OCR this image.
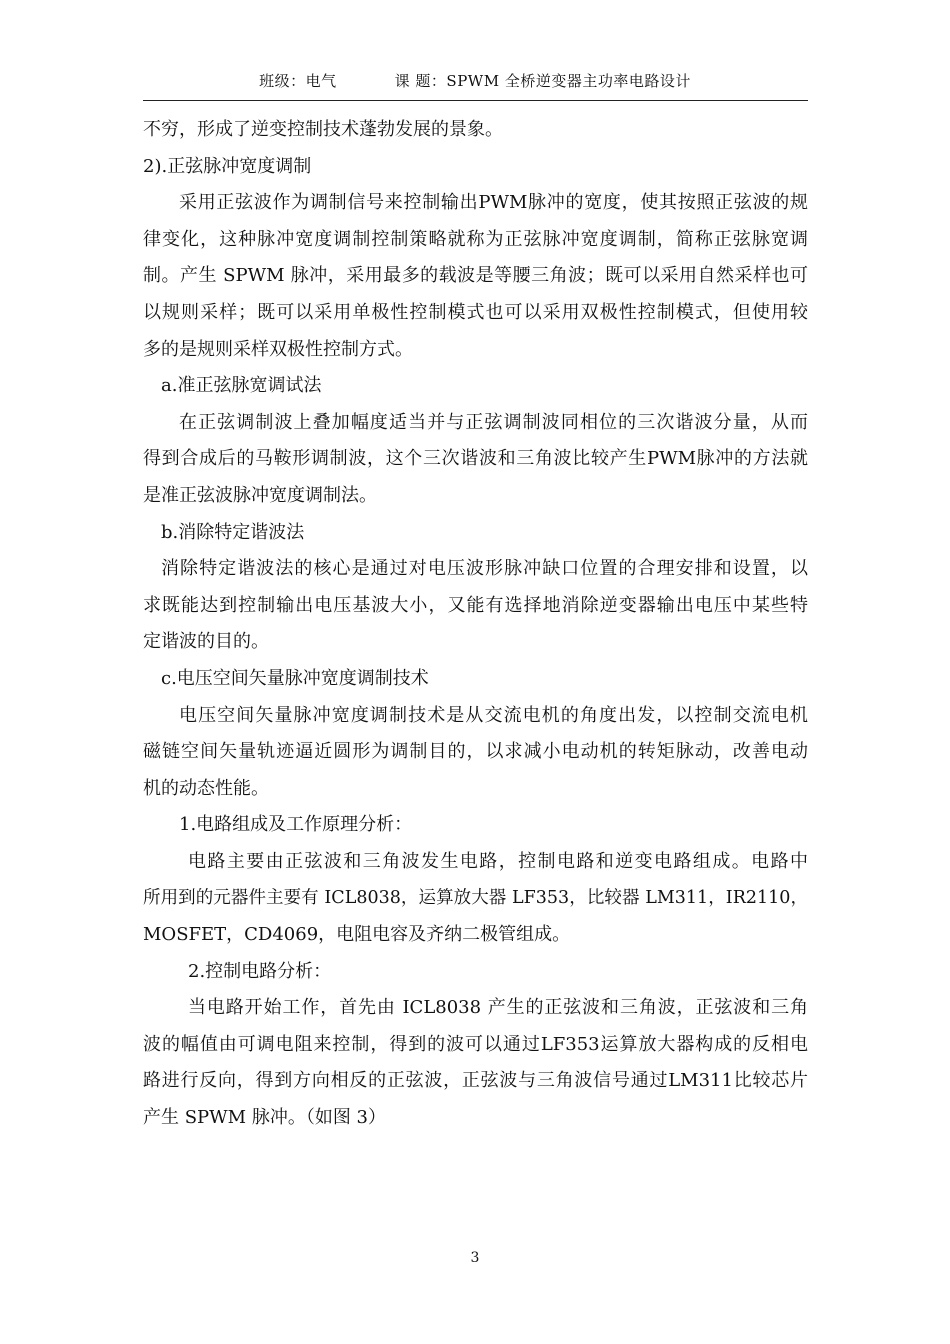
班级：电气	课 题：SPWM 全桥逆变器主功率电路设计
不穷，形成了逆变控制技术蓬勃发展的景象。
2).正弦脉冲宽度调制
采用正弦波作为调制信号来控制输出PWM脉冲的宽度，使其按照正弦波的规
律变化，这种脉冲宽度调制控制策略就称为正弦脉冲宽度调制，简称正弦脉宽调
制。产生 SPWM 脉冲，采用最多的载波是等腰三角波；既可以采用自然采样也可
以规则采样；既可以采用单极性控制模式也可以采用双极性控制模式，但使用较
多的是规则采样双极性控制方式。
a.准正弦脉宽调试法
在正弦调制波上叠加幅度适当并与正弦调制波同相位的三次谐波分量，从而
得到合成后的马鞍形调制波，这个三次谐波和三角波比较产生PWM脉冲的方法就
是准正弦波脉冲宽度调制法。
b.消除特定谐波法
消除特定谐波法的核心是通过对电压波形脉冲缺口位置的合理安排和设置，以
求既能达到控制输出电压基波大小，又能有选择地消除逆变器输出电压中某些特
定谐波的目的。
c.电压空间矢量脉冲宽度调制技术
电压空间矢量脉冲宽度调制技术是从交流电机的角度出发，以控制交流电机
磁链空间矢量轨迹逼近圆形为调制目的，以求减小电动机的转矩脉动，改善电动
机的动态性能。
1.电路组成及工作原理分析：
电路主要由正弦波和三角波发生电路，控制电路和逆变电路组成。电路中
所用到的元器件主要有 ICL8038，运算放大器 LF353，比较器 LM311，IR2110，
MOSFET，CD4069，电阻电容及齐纳二极管组成。
2.控制电路分析：
当电路开始工作，首先由 ICL8038 产生的正弦波和三角波，正弦波和三角
波的幅值由可调电阻来控制，得到的波可以通过LF353运算放大器构成的反相电
路进行反向，得到方向相反的正弦波，正弦波与三角波信号通过LM311比较芯片
产生 SPWM 脉冲。（如图 3）
3
